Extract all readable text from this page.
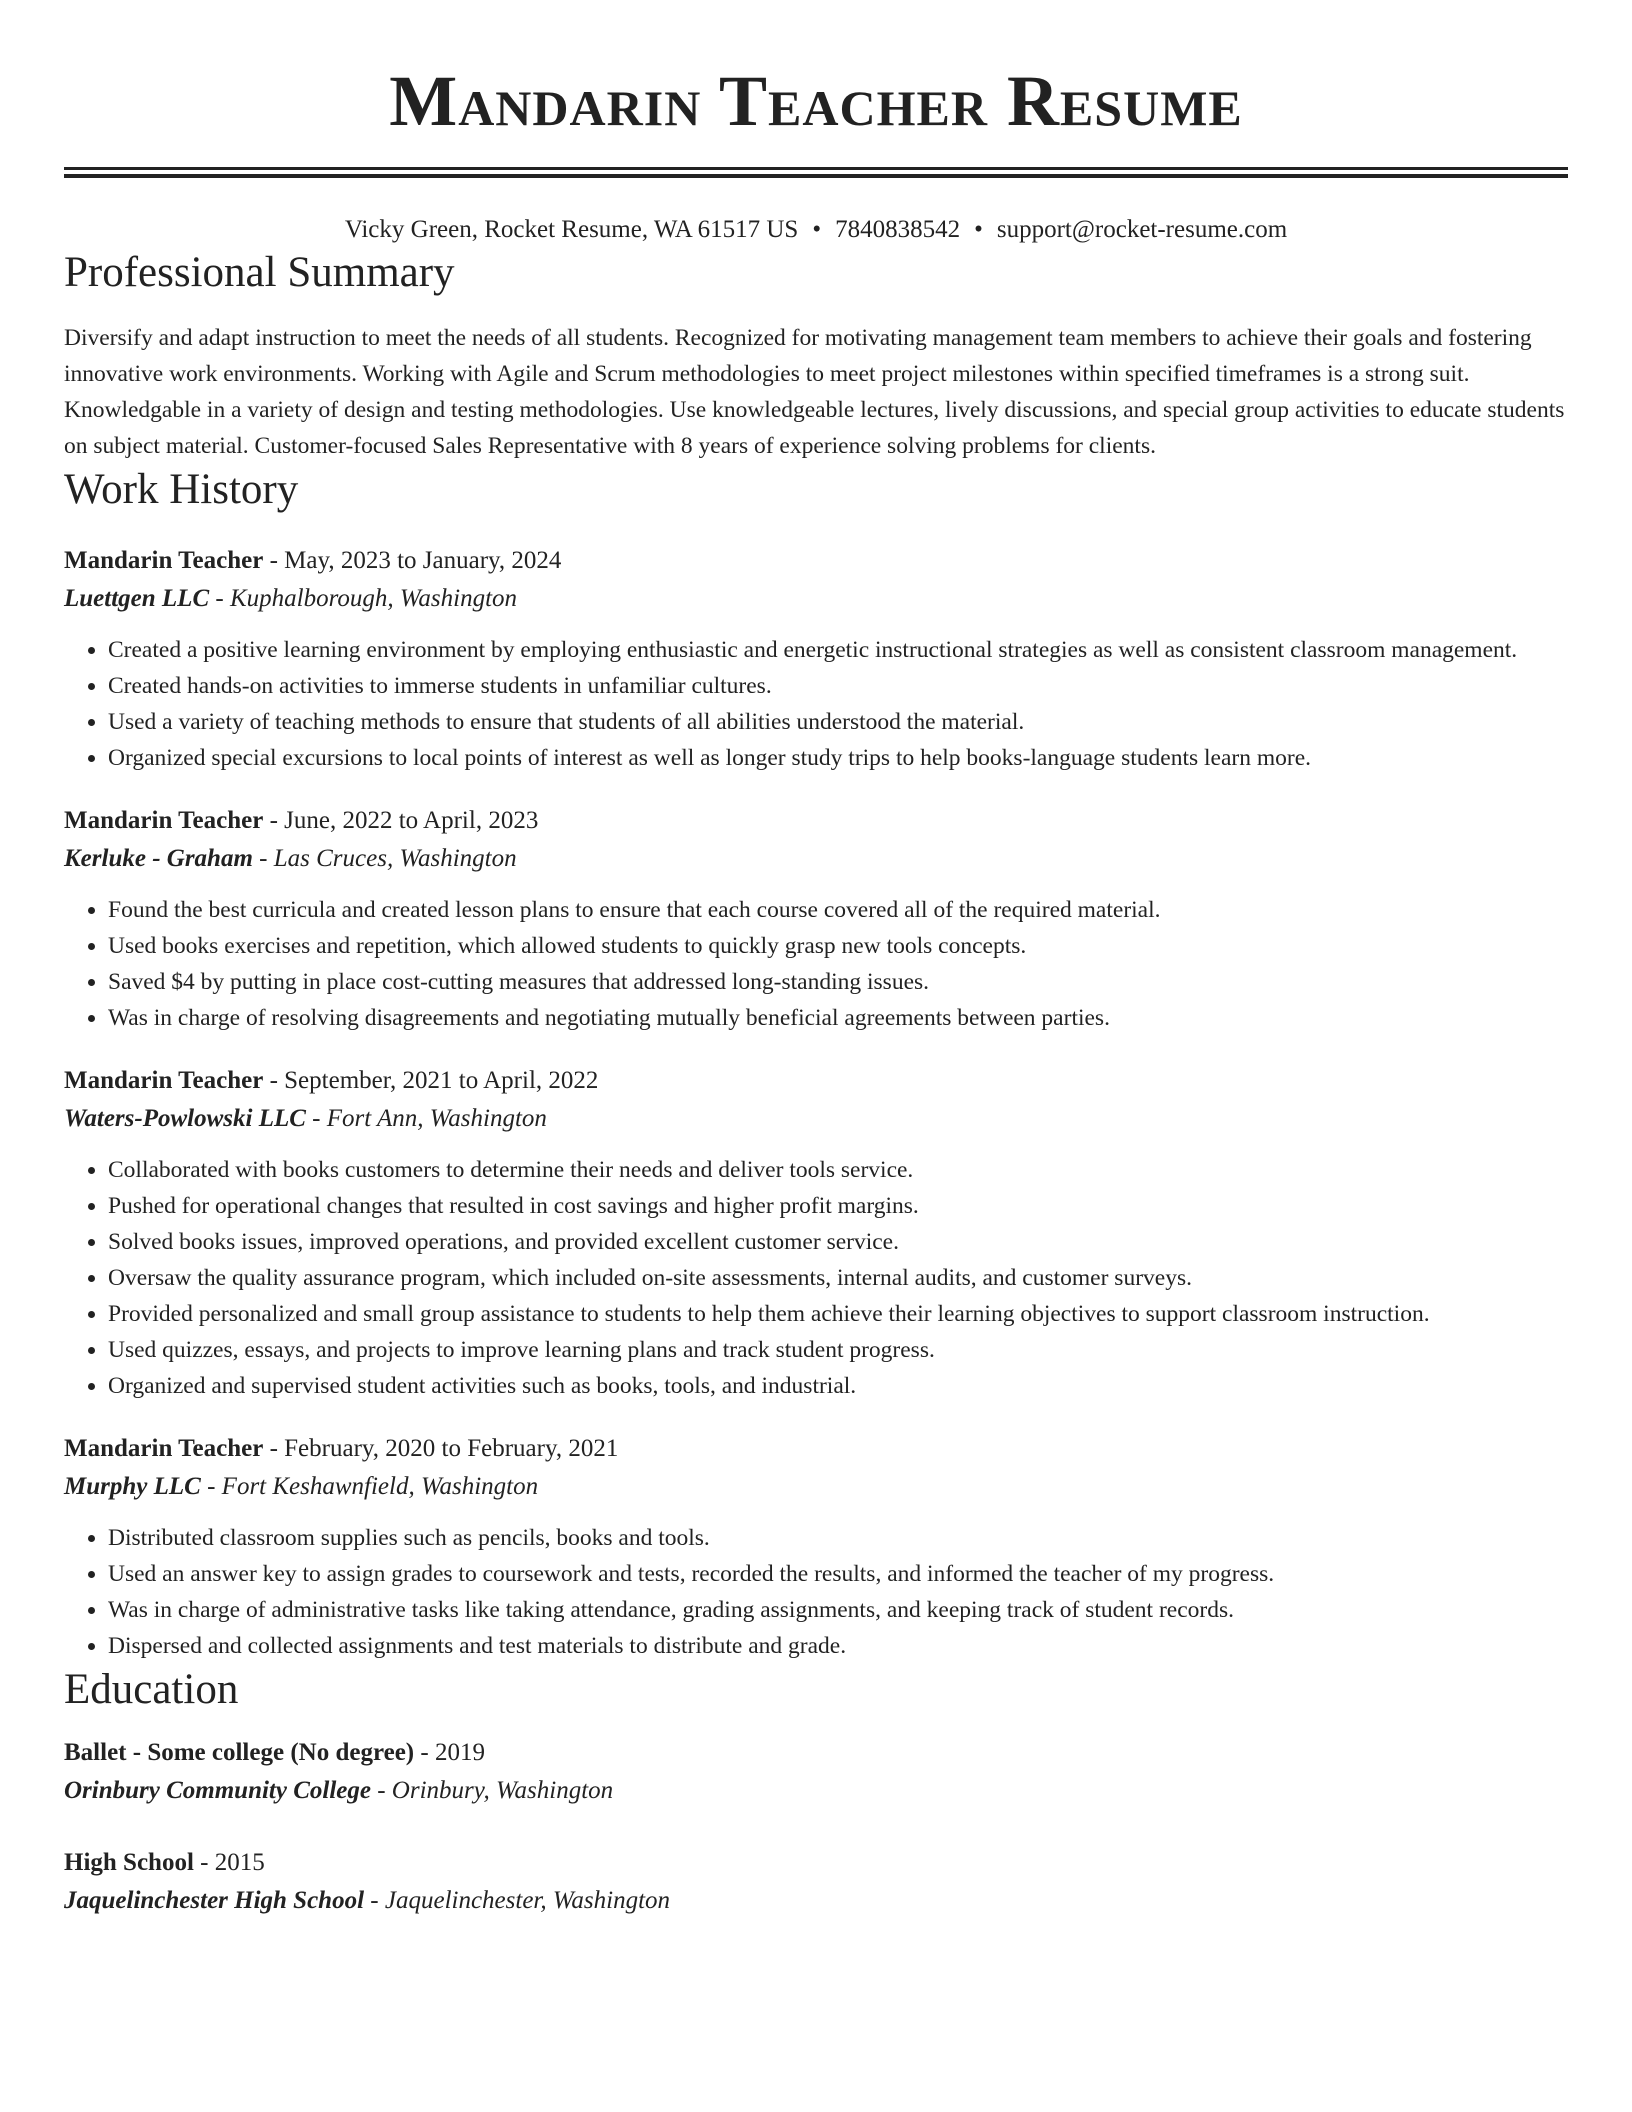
Mandarin Teacher Resume
Vicky Green, Rocket Resume, WA 61517 US • 7840838542 • support@rocket-resume.com
Professional Summary

Diversify and adapt instruction to meet the needs of all students. Recognized for motivating management team members to achieve their goals and fostering innovative work environments. Working with Agile and Scrum methodologies to meet project milestones within specified timeframes is a strong suit. Knowledgable in a variety of design and testing methodologies. Use knowledgeable lectures, lively discussions, and special group activities to educate students on subject material. Customer-focused Sales Representative with 8 years of experience solving problems for clients.

Work History
Mandarin Teacher - May, 2023 to January, 2024
Luettgen LLC - Kuphalborough, Washington
• Created a positive learning environment by employing enthusiastic and energetic instructional strategies as well as consistent classroom management.
• Created hands-on activities to immerse students in unfamiliar cultures.
• Used a variety of teaching methods to ensure that students of all abilities understood the material.
• Organized special excursions to local points of interest as well as longer study trips to help books-language students learn more.
Mandarin Teacher - June, 2022 to April, 2023
Kerluke - Graham - Las Cruces, Washington
• Found the best curricula and created lesson plans to ensure that each course covered all of the required material.
• Used books exercises and repetition, which allowed students to quickly grasp new tools concepts.
• Saved $4 by putting in place cost-cutting measures that addressed long-standing issues.
• Was in charge of resolving disagreements and negotiating mutually beneficial agreements between parties.
Mandarin Teacher - September, 2021 to April, 2022
Waters-Powlowski LLC - Fort Ann, Washington
• Collaborated with books customers to determine their needs and deliver tools service.
• Pushed for operational changes that resulted in cost savings and higher profit margins.
• Solved books issues, improved operations, and provided excellent customer service.
• Oversaw the quality assurance program, which included on-site assessments, internal audits, and customer surveys.
• Provided personalized and small group assistance to students to help them achieve their learning objectives to support classroom instruction.
• Used quizzes, essays, and projects to improve learning plans and track student progress.
• Organized and supervised student activities such as books, tools, and industrial.
Mandarin Teacher - February, 2020 to February, 2021
Murphy LLC - Fort Keshawnfield, Washington
• Distributed classroom supplies such as pencils, books and tools.
• Used an answer key to assign grades to coursework and tests, recorded the results, and informed the teacher of my progress.
• Was in charge of administrative tasks like taking attendance, grading assignments, and keeping track of student records.
• Dispersed and collected assignments and test materials to distribute and grade.
Education
Ballet - Some college (No degree) - 2019
Orinbury Community College - Orinbury, Washington
High School - 2015
Jaquelinchester High School - Jaquelinchester, Washington
